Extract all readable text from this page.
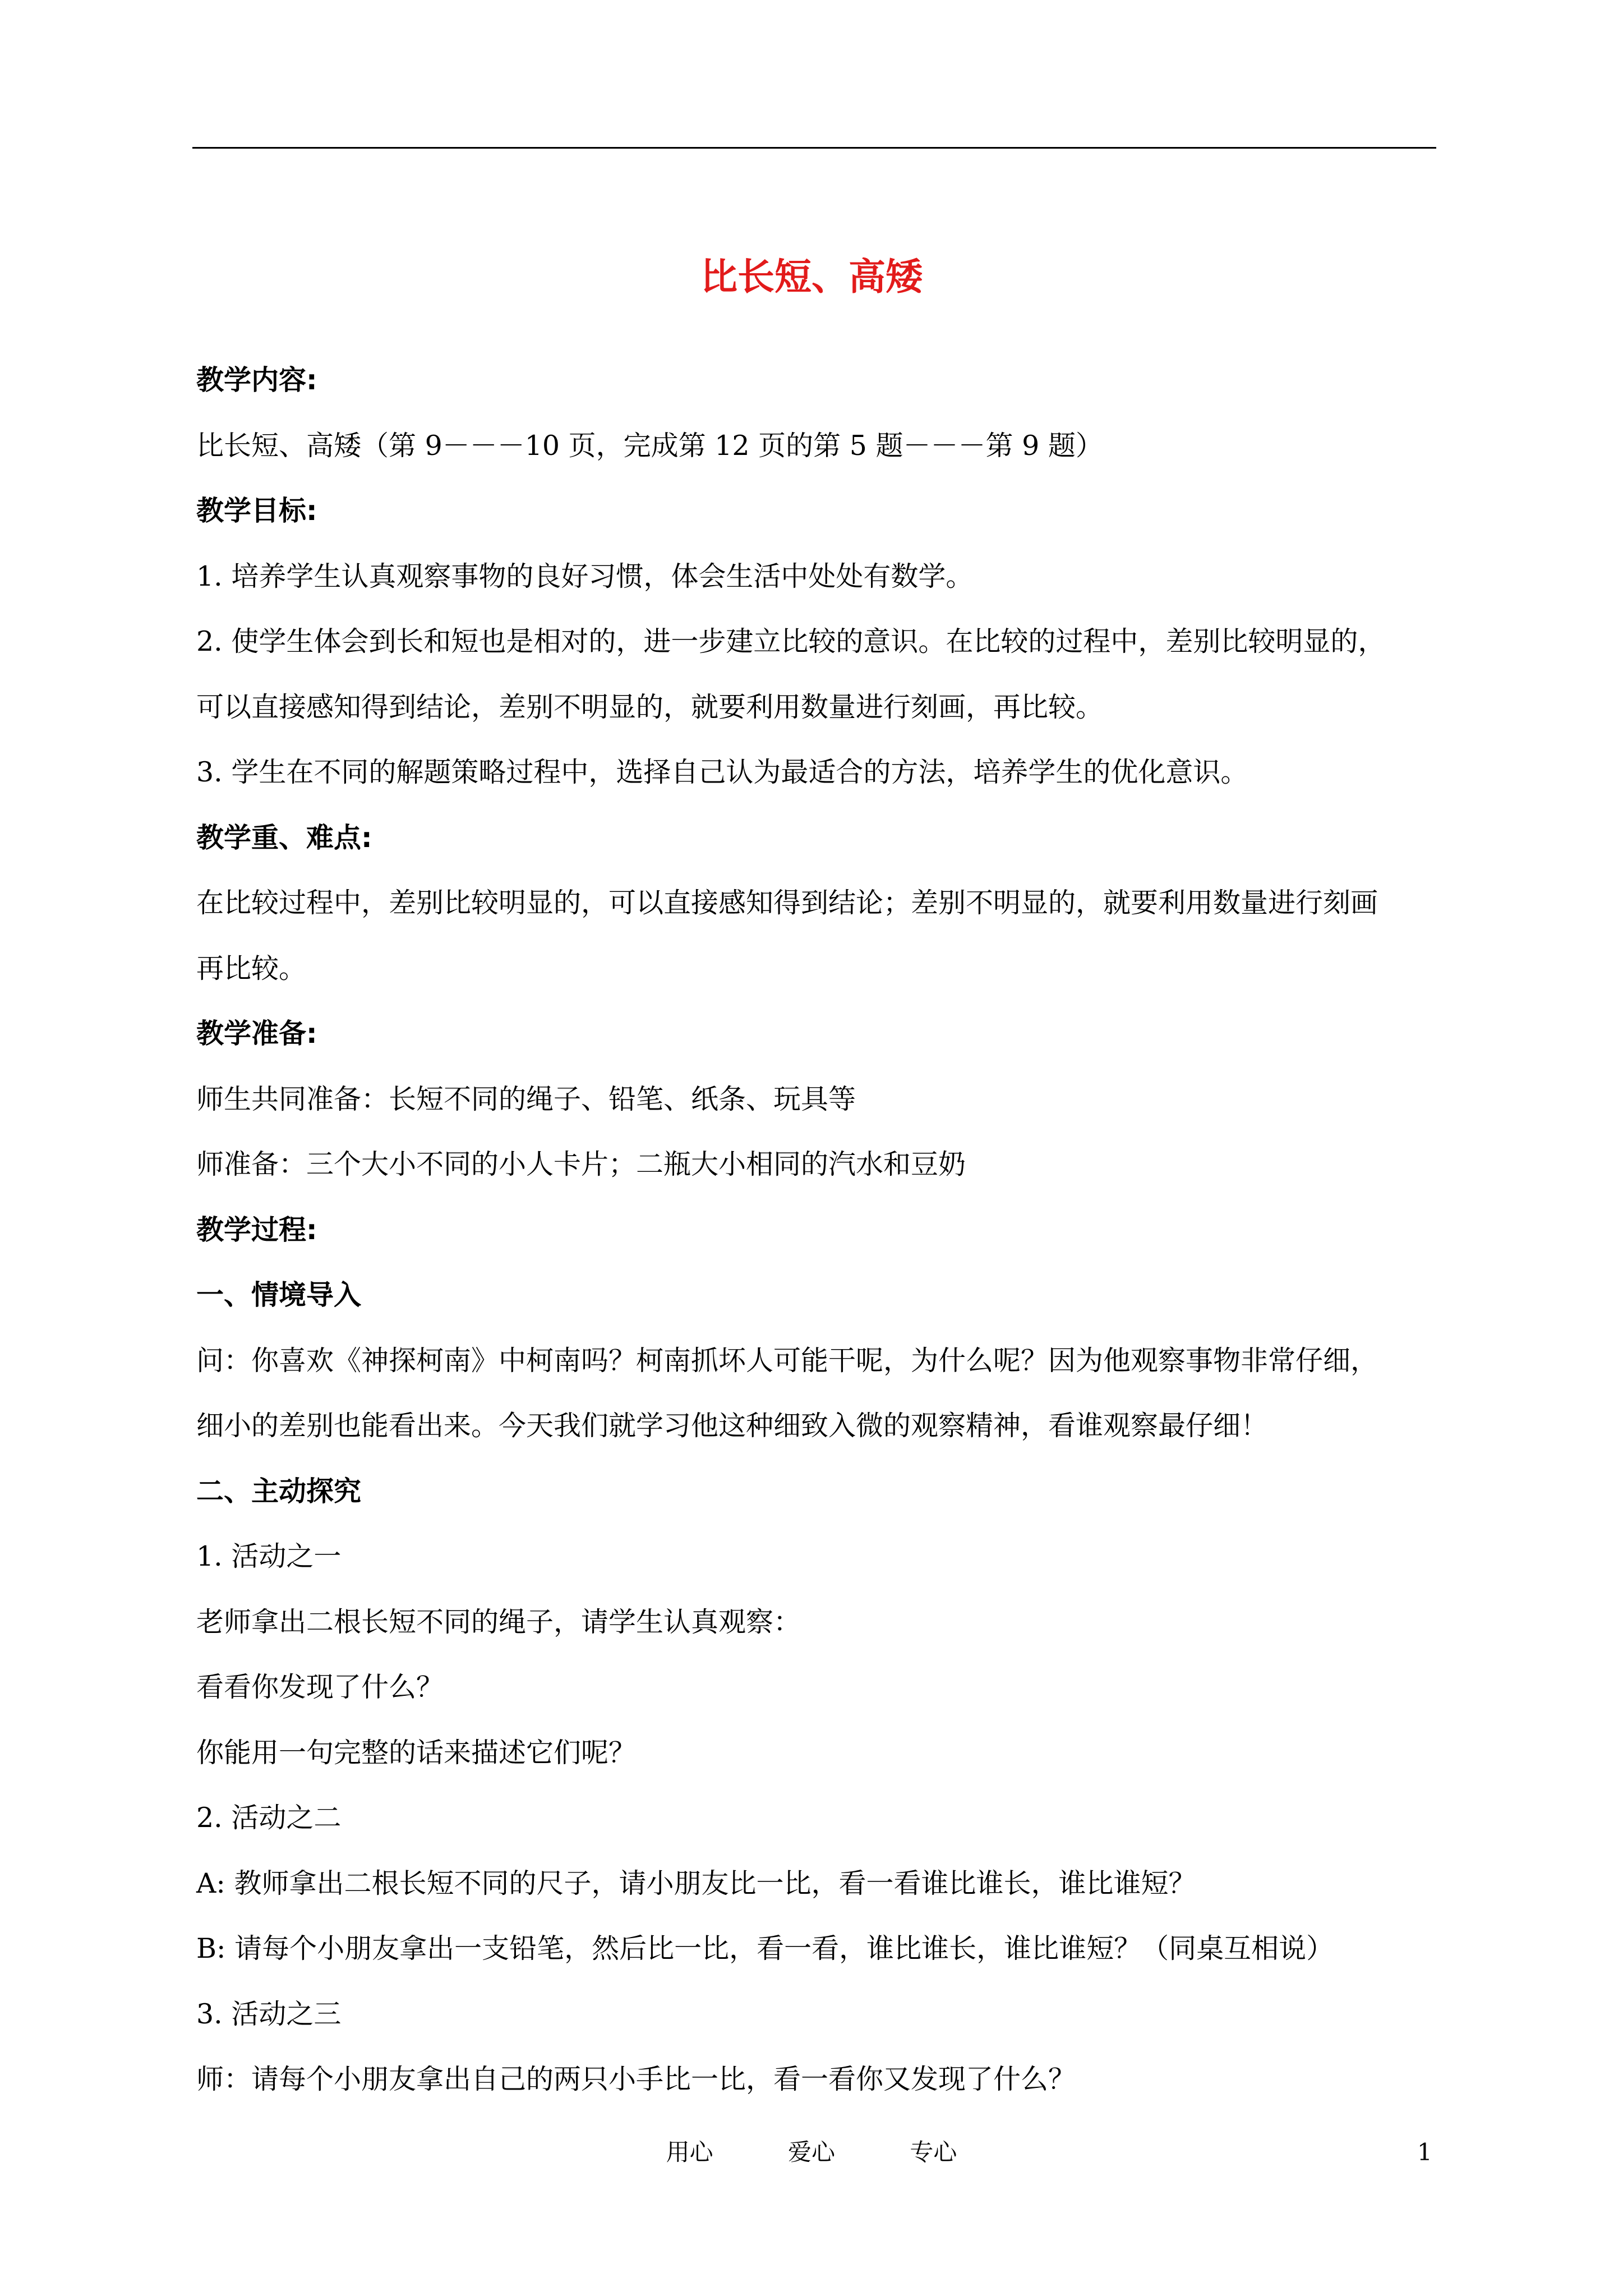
比长短、高矮
教学内容:
比长短、高矮（第 9－－－10 页，完成第 12 页的第 5 题－－－第 9 题）
教学目标:
1. 培养学生认真观察事物的良好习惯，体会生活中处处有数学。
2. 使学生体会到长和短也是相对的，进一步建立比较的意识。在比较的过程中，差别比较明显的，
可以直接感知得到结论，差别不明显的，就要利用数量进行刻画，再比较。
3. 学生在不同的解题策略过程中，选择自己认为最适合的方法，培养学生的优化意识。
教学重、难点:
在比较过程中，差别比较明显的，可以直接感知得到结论；差别不明显的，就要利用数量进行刻画
再比较。
教学准备:
师生共同准备：长短不同的绳子、铅笔、纸条、玩具等
师准备：三个大小不同的小人卡片；二瓶大小相同的汽水和豆奶
教学过程:
一、情境导入
问：你喜欢《神探柯南》中柯南吗？柯南抓坏人可能干呢，为什么呢？因为他观察事物非常仔细，
细小的差别也能看出来。今天我们就学习他这种细致入微的观察精神，看谁观察最仔细！
二、主动探究
1. 活动之一
老师拿出二根长短不同的绳子，请学生认真观察：
看看你发现了什么？
你能用一句完整的话来描述它们呢？
2. 活动之二
A: 教师拿出二根长短不同的尺子，请小朋友比一比，看一看谁比谁长，谁比谁短？
B: 请每个小朋友拿出一支铅笔，然后比一比，看一看，谁比谁长，谁比谁短？（同桌互相说）
3. 活动之三
师：请每个小朋友拿出自己的两只小手比一比，看一看你又发现了什么？
用心	爱心	专心	1
